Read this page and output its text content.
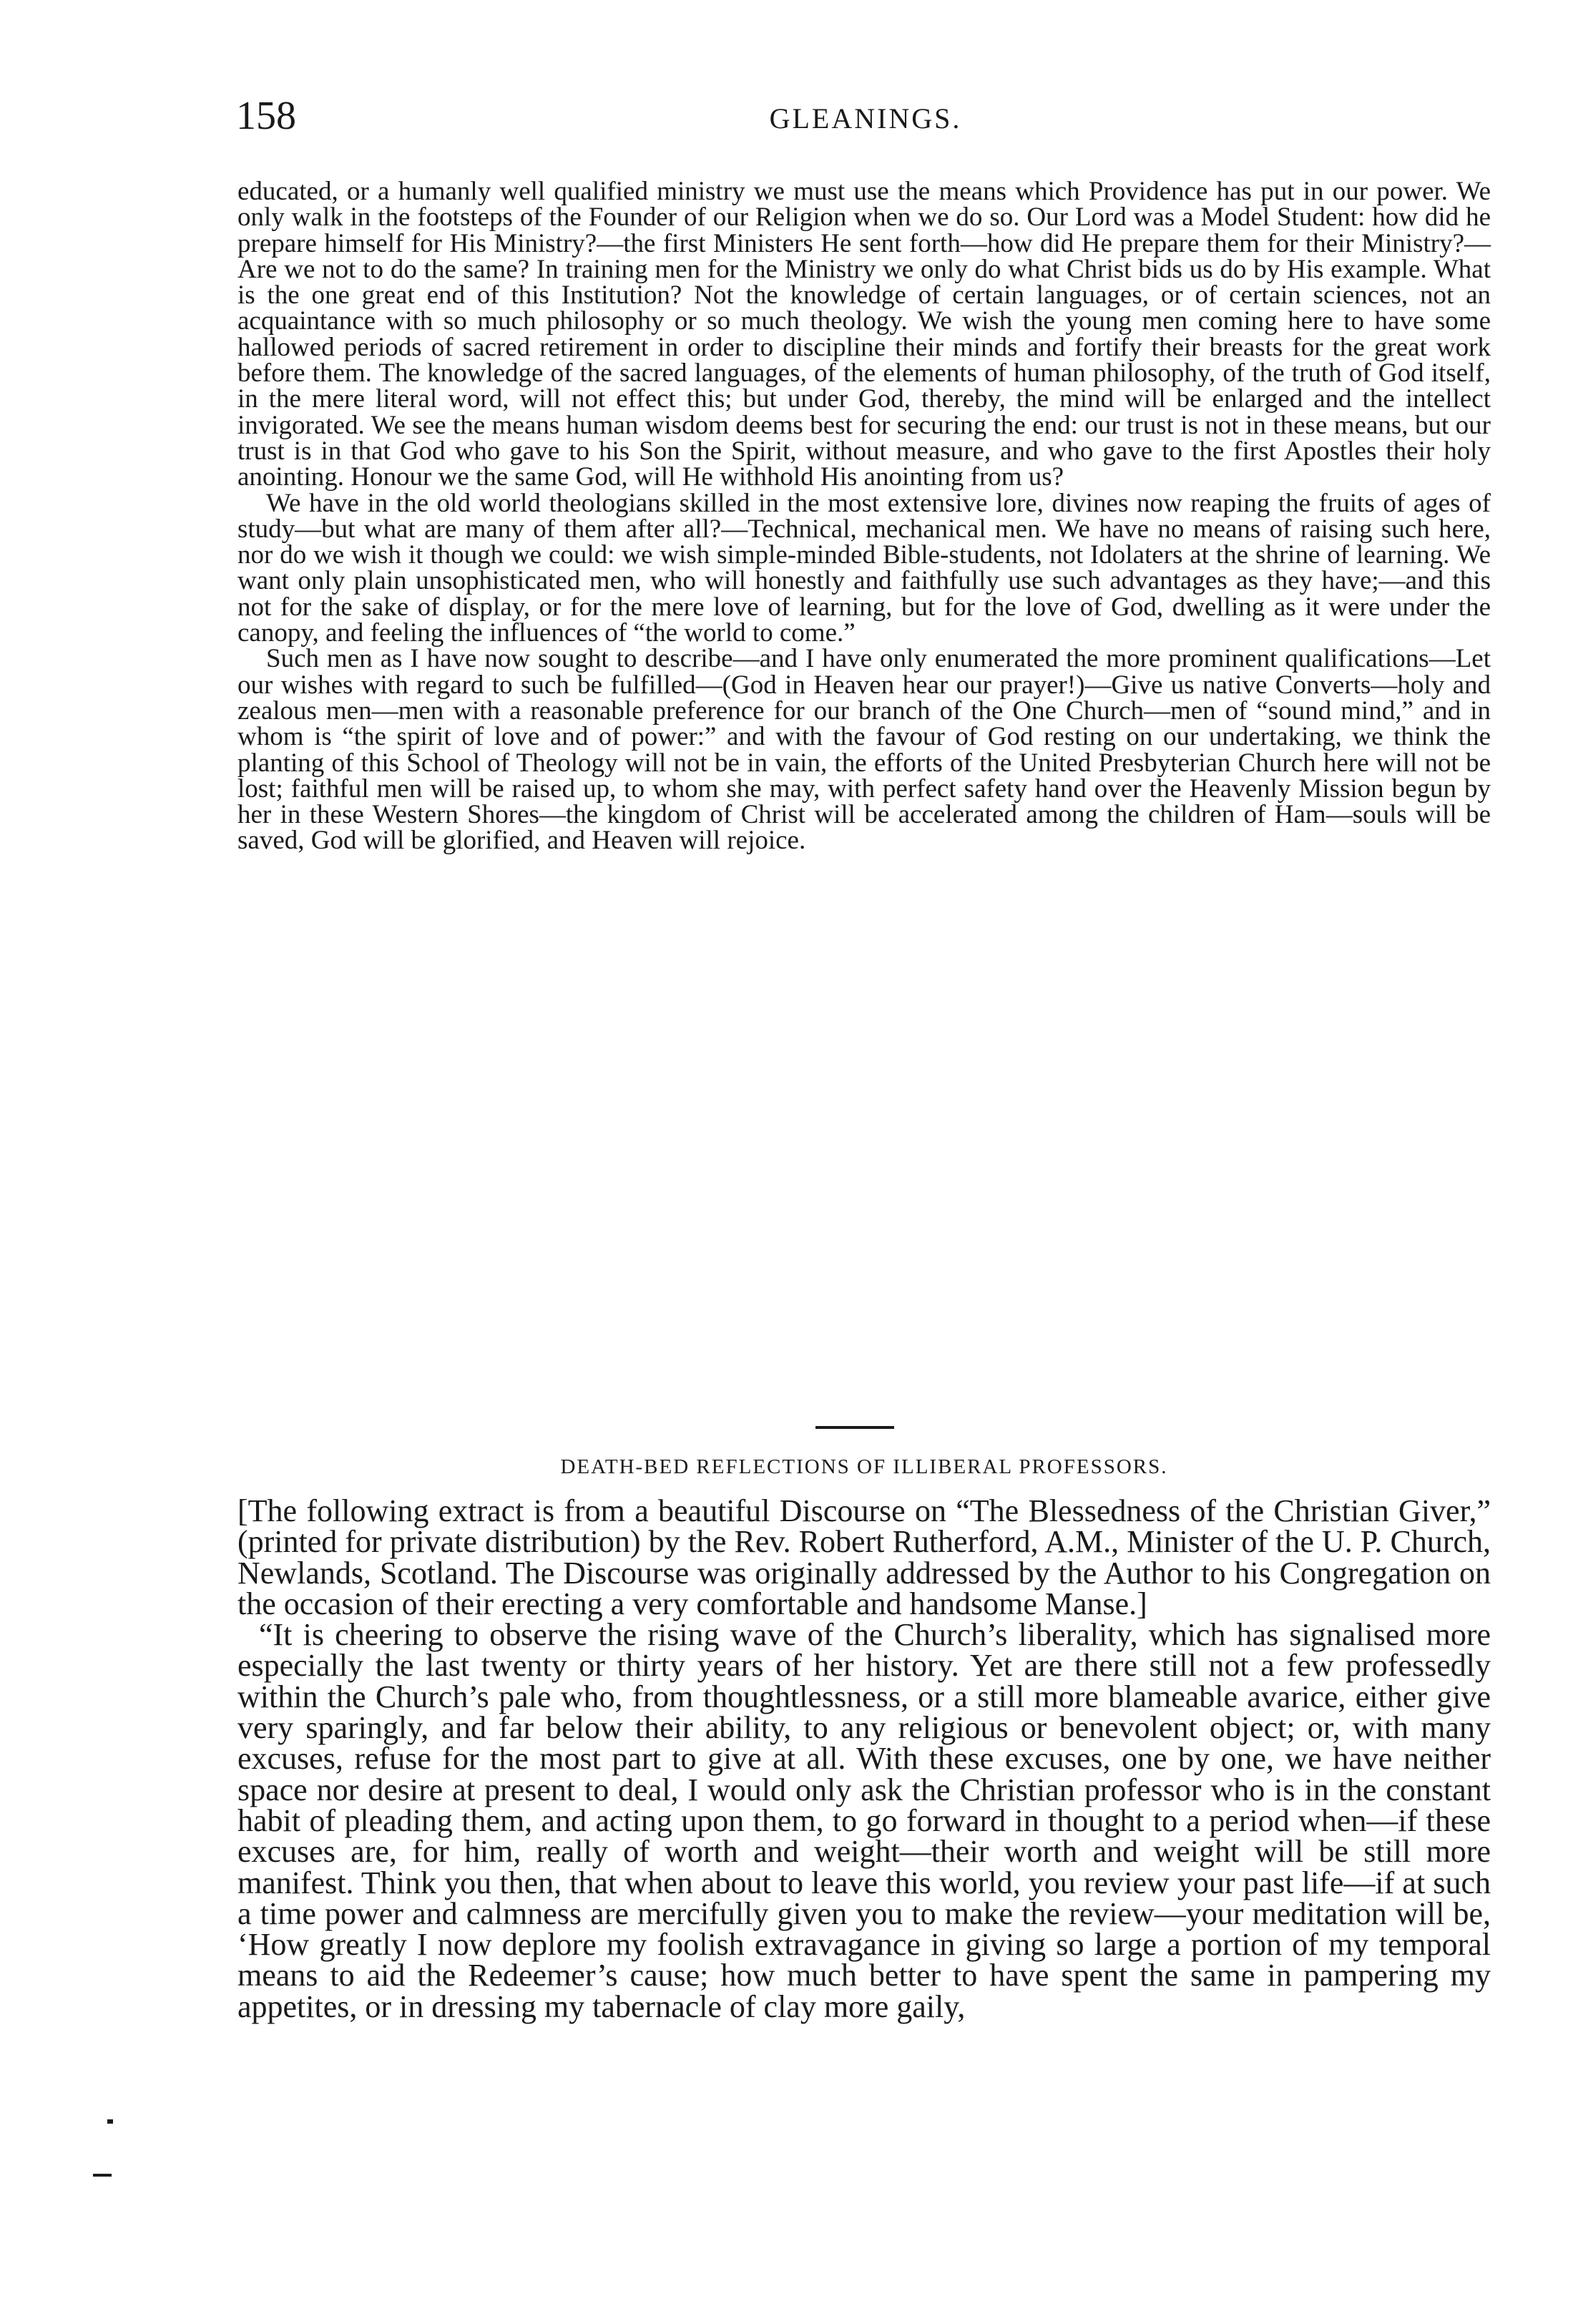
158	GLEANINGS.

educated, or a humanly well qualified ministry we must use the means which Providence has put in our power. We only walk in the footsteps of the Founder of our Religion when we do so. Our Lord was a Model Student: how did he prepare himself for His Ministry?—the first Ministers He sent forth—how did He prepare them for their Ministry?—Are we not to do the same? In training men for the Ministry we only do what Christ bids us do by His example. What is the one great end of this Institution? Not the knowledge of certain languages, or of certain sciences, not an acquaintance with so much philosophy or so much theology. We wish the young men coming here to have some hallowed periods of sacred retirement in order to discipline their minds and fortify their breasts for the great work before them. The knowledge of the sacred languages, of the elements of human philosophy, of the truth of God itself, in the mere literal word, will not effect this; but under God, thereby, the mind will be enlarged and the intellect invigorated. We see the means human wisdom deems best for securing the end: our trust is not in these means, but our trust is in that God who gave to his Son the Spirit, without measure, and who gave to the first Apostles their holy anointing. Honour we the same God, will He withhold His anointing from us?

We have in the old world theologians skilled in the most extensive lore, divines now reaping the fruits of ages of study—but what are many of them after all?—Technical, mechanical men. We have no means of raising such here, nor do we wish it though we could: we wish simple-minded Bible-students, not Idolaters at the shrine of learning. We want only plain unsophisticated men, who will honestly and faithfully use such advantages as they have;—and this not for the sake of display, or for the mere love of learning, but for the love of God, dwelling as it were under the canopy, and feeling the influences of “the world to come.”

Such men as I have now sought to describe—and I have only enumerated the more prominent qualifications—Let our wishes with regard to such be fulfilled—(God in Heaven hear our prayer!)—Give us native Converts—holy and zealous men—men with a reasonable preference for our branch of the One Church—men of “sound mind,” and in whom is “the spirit of love and of power:” and with the favour of God resting on our undertaking, we think the planting of this School of Theology will not be in vain, the efforts of the United Presbyterian Church here will not be lost; faithful men will be raised up, to whom she may, with perfect safety hand over the Heavenly Mission begun by her in these Western Shores—the kingdom of Christ will be accelerated among the children of Ham—souls will be saved, God will be glorified, and Heaven will rejoice.

DEATH-BED REFLECTIONS OF ILLIBERAL PROFESSORS.

[The following extract is from a beautiful Discourse on “The Blessedness of the Christian Giver,” (printed for private distribution) by the Rev. Robert Rutherford, A.M., Minister of the U. P. Church, Newlands, Scotland. The Discourse was originally addressed by the Author to his Congregation on the occasion of their erecting a very comfortable and handsome Manse.]

“It is cheering to observe the rising wave of the Church’s liberality, which has signalised more especially the last twenty or thirty years of her history. Yet are there still not a few professedly within the Church’s pale who, from thoughtlessness, or a still more blameable avarice, either give very sparingly, and far below their ability, to any religious or benevolent object; or, with many excuses, refuse for the most part to give at all. With these excuses, one by one, we have neither space nor desire at present to deal, I would only ask the Christian professor who is in the constant habit of pleading them, and acting upon them, to go forward in thought to a period when—if these excuses are, for him, really of worth and weight—their worth and weight will be still more manifest. Think you then, that when about to leave this world, you review your past life—if at such a time power and calmness are mercifully given you to make the review—your meditation will be, ‘How greatly I now deplore my foolish extravagance in giving so large a portion of my temporal means to aid the Redeemer’s cause; how much better to have spent the same in pampering my appetites, or in dressing my tabernacle of clay more gaily,
